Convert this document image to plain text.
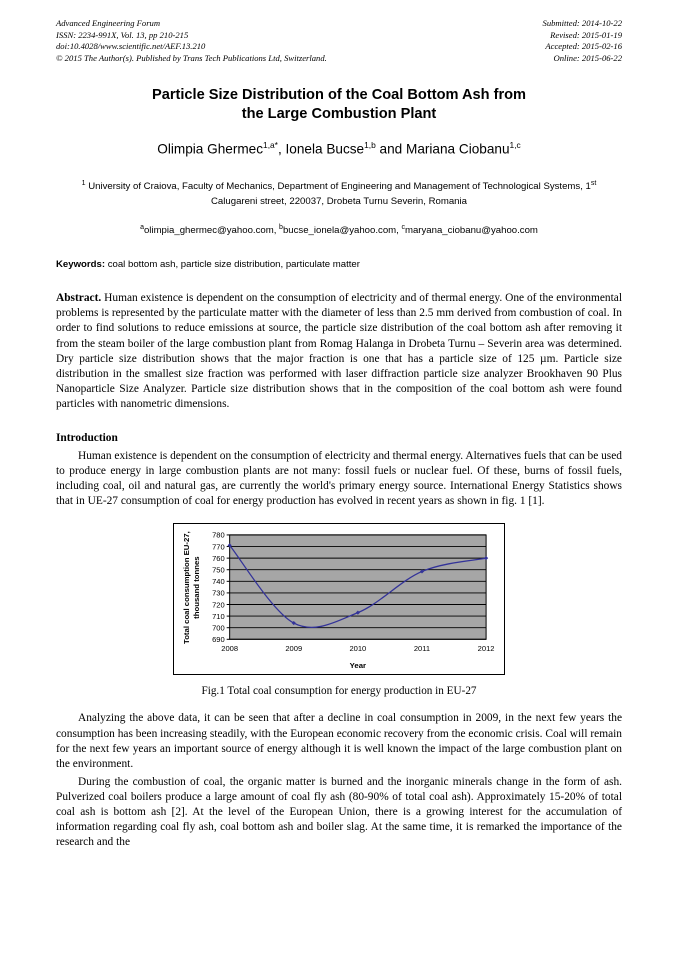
Advanced Engineering Forum
ISSN: 2234-991X, Vol. 13, pp 210-215
doi:10.4028/www.scientific.net/AEF.13.210
© 2015 The Author(s). Published by Trans Tech Publications Ltd, Switzerland.
Submitted: 2014-10-22
Revised: 2015-01-19
Accepted: 2015-02-16
Online: 2015-06-22
Particle Size Distribution of the Coal Bottom Ash from
the Large Combustion Plant
Olimpia Ghermec$^{1,a*}$, Ionela Bucse$^{1,b}$ and Mariana Ciobanu$^{1,c}$
$^1$ University of Craiova, Faculty of Mechanics, Department of Engineering and Management of Technological Systems, 1st Calugareni street, 220037, Drobeta Turnu Severin, Romania
$^a$olimpia_ghermec@yahoo.com, $^b$bucse_ionela@yahoo.com, $^c$maryana_ciobanu@yahoo.com
Keywords: coal bottom ash, particle size distribution, particulate matter
Abstract. Human existence is dependent on the consumption of electricity and of thermal energy. One of the environmental problems is represented by the particulate matter with the diameter of less than 2.5 mm derived from combustion of coal. In order to find solutions to reduce emissions at source, the particle size distribution of the coal bottom ash after removing it from the steam boiler of the large combustion plant from Romag Halanga in Drobeta Turnu – Severin area was determined. Dry particle size distribution shows that the major fraction is one that has a particle size of 125 µm. Particle size distribution in the smallest size fraction was performed with laser diffraction particle size analyzer Brookhaven 90 Plus Nanoparticle Size Analyzer. Particle size distribution shows that in the composition of the coal bottom ash were found particles with nanometric dimensions.
Introduction

Human existence is dependent on the consumption of electricity and thermal energy. Alternatives fuels that can be used to produce energy in large combustion plants are not many: fossil fuels or nuclear fuel. Of these, burns of fossil fuels, including coal, oil and natural gas, are currently the world's primary energy source. International Energy Statistics shows that in UE-27 consumption of coal for energy production has evolved in recent years as shown in fig. 1 [1].

690
700
710
720
730
740
750
760
770
780
2008	2009	2010	2011	2012
Total coal consumption EU-27, thousand tonnes
Year
Fig.1 Total coal consumption for energy production in EU-27

Analyzing the above data, it can be seen that after a decline in coal consumption in 2009, in the next few years the consumption has been increasing steadily, with the European economic recovery from the economic crisis. Coal will remain for the next few years an important source of energy although it is well known the impact of the large combustion plant on the environment.

During the combustion of coal, the organic matter is burned and the inorganic minerals change in the form of ash. Pulverized coal boilers produce a large amount of coal fly ash (80-90% of total coal ash). Approximately 15-20% of total coal ash is bottom ash [2]. At the level of the European Union, there is a growing interest for the accumulation of information regarding coal fly ash, coal bottom ash and boiler slag. At the same time, it is remarked the importance of the research and the
